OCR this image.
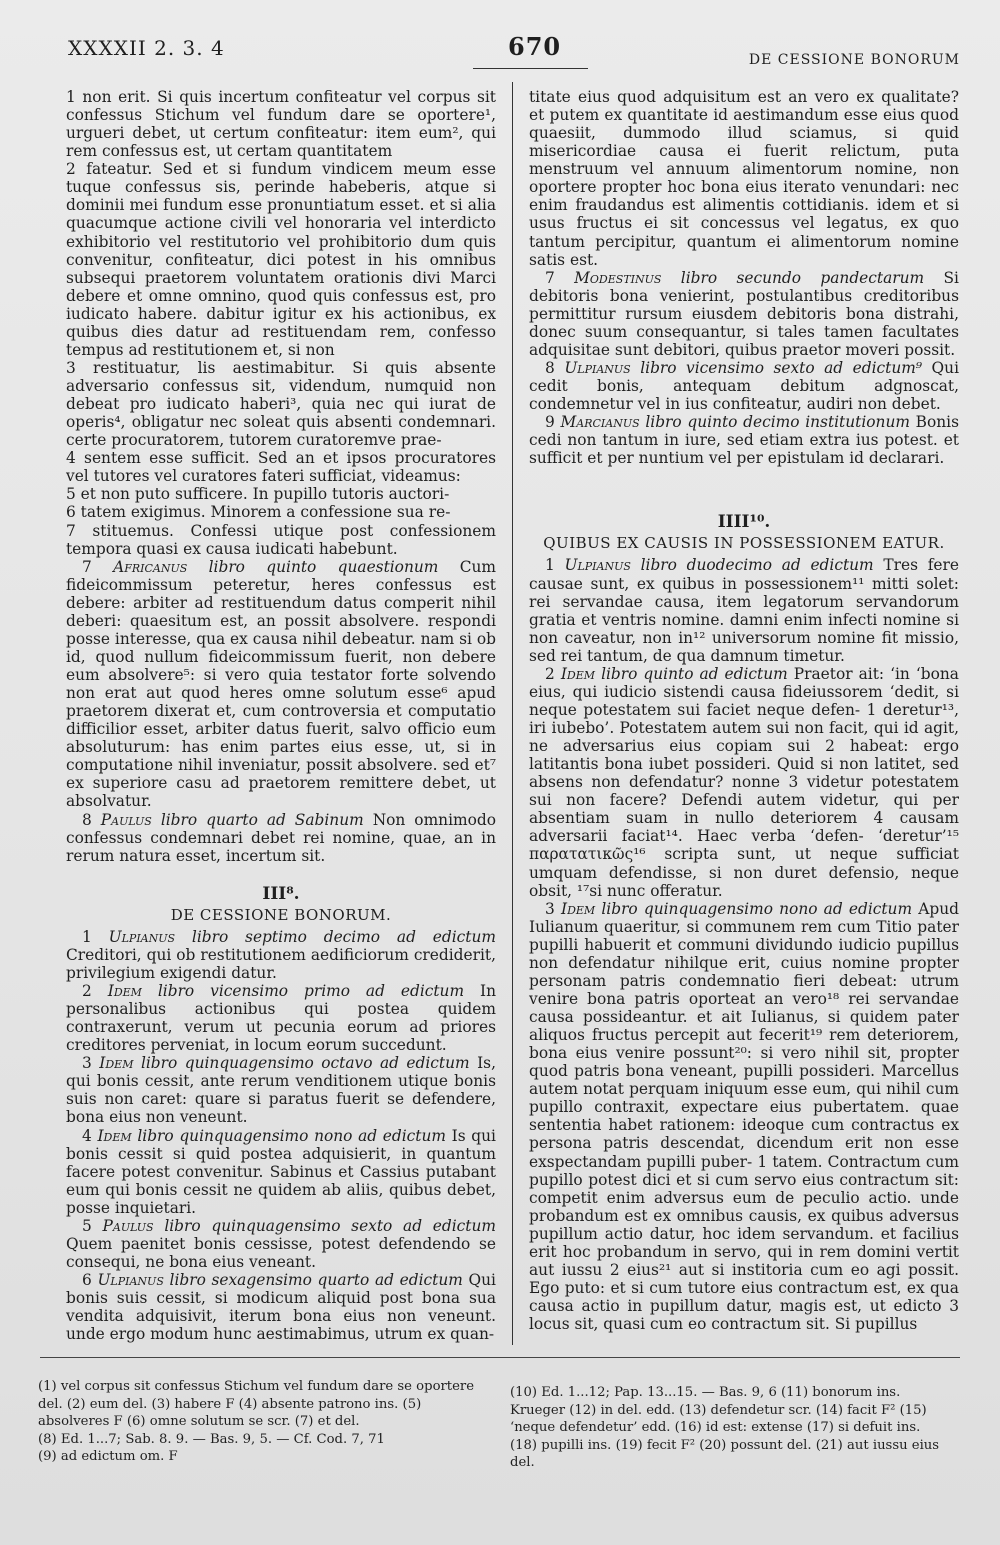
XXXXII 2. 3. 4	670	DE CESSIONE BONORUM

1 non erit. Si quis incertum confiteatur vel corpus sit confessus Stichum vel fundum dare se oportere¹, urgueri debet, ut certum confiteatur: item eum², qui rem confessus est, ut certam quantitatem

2 fateatur. Sed et si fundum vindicem meum esse tuque confessus sis, perinde habeberis, atque si dominii mei fundum esse pronuntiatum esset. et si alia quacumque actione civili vel honoraria vel interdicto exhibitorio vel restitutorio vel prohibitorio dum quis convenitur, confiteatur, dici potest in his omnibus subsequi praetorem voluntatem orationis divi Marci debere et omne omnino, quod quis confessus est, pro iudicato habere. dabitur igitur ex his actionibus, ex quibus dies datur ad restituendam rem, confesso tempus ad restitutionem et, si non

3 restituatur, lis aestimabitur. Si quis absente adversario confessus sit, videndum, numquid non debeat pro iudicato haberi³, quia nec qui iurat de operis⁴, obligatur nec soleat quis absenti condemnari. certe procuratorem, tutorem curatoremve prae-

4 sentem esse sufficit. Sed an et ipsos procuratores vel tutores vel curatores fateri sufficiat, videamus:

5 et non puto sufficere. In pupillo tutoris auctori-

6 tatem exigimus. Minorem a confessione sua re-

7 stituemus. Confessi utique post confessionem tempora quasi ex causa iudicati habebunt.

7 Africanus libro quinto quaestionum Cum fideicommissum peteretur, heres confessus est debere: arbiter ad restituendum datus comperit nihil deberi: quaesitum est, an possit absolvere. respondi posse interesse, qua ex causa nihil debeatur. nam si ob id, quod nullum fideicommissum fuerit, non debere eum absolvere⁵: si vero quia testator forte solvendo non erat aut quod heres omne solutum esse⁶ apud praetorem dixerat et, cum controversia et computatio difficilior esset, arbiter datus fuerit, salvo officio eum absoluturum: has enim partes eius esse, ut, si in computatione nihil inveniatur, possit absolvere. sed et⁷ ex superiore casu ad praetorem remittere debet, ut absolvatur.

8 Paulus libro quarto ad Sabinum Non omnimodo confessus condemnari debet rei nomine, quae, an in rerum natura esset, incertum sit.

III⁸.
DE CESSIONE BONORUM.

1 Ulpianus libro septimo decimo ad edictum Creditori, qui ob restitutionem aedificiorum crediderit, privilegium exigendi datur.

2 Idem libro vicensimo primo ad edictum In personalibus actionibus qui postea quidem contraxerunt, verum ut pecunia eorum ad priores creditores perveniat, in locum eorum succedunt.

3 Idem libro quinquagensimo octavo ad edictum Is, qui bonis cessit, ante rerum venditionem utique bonis suis non caret: quare si paratus fuerit se defendere, bona eius non veneunt.

4 Idem libro quinquagensimo nono ad edictum Is qui bonis cessit si quid postea adquisierit, in quantum facere potest convenitur. Sabinus et Cassius putabant eum qui bonis cessit ne quidem ab aliis, quibus debet, posse inquietari.

5 Paulus libro quinquagensimo sexto ad edictum Quem paenitet bonis cessisse, potest defendendo se consequi, ne bona eius veneant.

6 Ulpianus libro sexagensimo quarto ad edictum Qui bonis suis cessit, si modicum aliquid post bona sua vendita adquisivit, iterum bona eius non veneunt. unde ergo modum hunc aestimabimus, utrum ex quan-

titate eius quod adquisitum est an vero ex qualitate? et putem ex quantitate id aestimandum esse eius quod quaesiit, dummodo illud sciamus, si quid misericordiae causa ei fuerit relictum, puta menstruum vel annuum alimentorum nomine, non oportere propter hoc bona eius iterato venundari: nec enim fraudandus est alimentis cottidianis. idem et si usus fructus ei sit concessus vel legatus, ex quo tantum percipitur, quantum ei alimentorum nomine satis est.

7 Modestinus libro secundo pandectarum Si debitoris bona venierint, postulantibus creditoribus permittitur rursum eiusdem debitoris bona distrahi, donec suum consequantur, si tales tamen facultates adquisitae sunt debitori, quibus praetor moveri possit.

8 Ulpianus libro vicensimo sexto ad edictum⁹ Qui cedit bonis, antequam debitum adgnoscat, condemnetur vel in ius confiteatur, audiri non debet.

9 Marcianus libro quinto decimo institutionum Bonis cedi non tantum in iure, sed etiam extra ius potest. et sufficit et per nuntium vel per epistulam id declarari.

IIII¹⁰.
QUIBUS EX CAUSIS IN POSSESSIONEM EATUR.

1 Ulpianus libro duodecimo ad edictum Tres fere causae sunt, ex quibus in possessionem¹¹ mitti solet: rei servandae causa, item legatorum servandorum gratia et ventris nomine. damni enim infecti nomine si non caveatur, non in¹² universorum nomine fit missio, sed rei tantum, de qua damnum timetur.

2 Idem libro quinto ad edictum Praetor ait: ‘in ‘bona eius, qui iudicio sistendi causa fideiussorem ‘dedit, si neque potestatem sui faciet neque defen- 1 deretur¹³, iri iubebo’. Potestatem autem sui non facit, qui id agit, ne adversarius eius copiam sui 2 habeat: ergo latitantis bona iubet possideri. Quid si non latitet, sed absens non defendatur? nonne 3 videtur potestatem sui non facere? Defendi autem videtur, qui per absentiam suam in nullo deteriorem 4 causam adversarii faciat¹⁴. Haec verba ‘defen- ‘deretur’¹⁵ παρατατικῶς¹⁶ scripta sunt, ut neque sufficiat umquam defendisse, si non duret defensio, neque obsit, ¹⁷si nunc offeratur.

3 Idem libro quinquagensimo nono ad edictum Apud Iulianum quaeritur, si communem rem cum Titio pater pupilli habuerit et communi dividundo iudicio pupillus non defendatur nihilque erit, cuius nomine propter personam patris condemnatio fieri debeat: utrum venire bona patris oporteat an vero¹⁸ rei servandae causa possideantur. et ait Iulianus, si quidem pater aliquos fructus percepit aut fecerit¹⁹ rem deteriorem, bona eius venire possunt²⁰: si vero nihil sit, propter quod patris bona veneant, pupilli possideri. Marcellus autem notat perquam iniquum esse eum, qui nihil cum pupillo contraxit, expectare eius pubertatem. quae sententia habet rationem: ideoque cum contractus ex persona patris descendat, dicendum erit non esse exspectandam pupilli puber- 1 tatem. Contractum cum pupillo potest dici et si cum servo eius contractum sit: competit enim adversus eum de peculio actio. unde probandum est ex omnibus causis, ex quibus adversus pupillum actio datur, hoc idem servandum. et facilius erit hoc probandum in servo, qui in rem domini vertit aut iussu 2 eius²¹ aut si institoria cum eo agi possit. Ego puto: et si cum tutore eius contractum est, ex qua causa actio in pupillum datur, magis est, ut edicto 3 locus sit, quasi cum eo contractum sit. Si pupillus

(1) vel corpus sit confessus Stichum vel fundum dare se oportere del. (2) eum del. (3) habere F (4) absente patrono ins. (5) absolveres F (6) omne solutum se scr. (7) et del.
(8) Ed. 1...7; Sab. 8. 9. — Bas. 9, 5. — Cf. Cod. 7, 71
(9) ad edictum om. F
(10) Ed. 1...12; Pap. 13...15. — Bas. 9, 6 (11) bonorum ins. Krueger (12) in del. edd. (13) defendetur scr. (14) facit F² (15) ‘neque defendetur’ edd. (16) id est: extense (17) si defuit ins. (18) pupilli ins. (19) fecit F² (20) possunt del. (21) aut iussu eius del.
